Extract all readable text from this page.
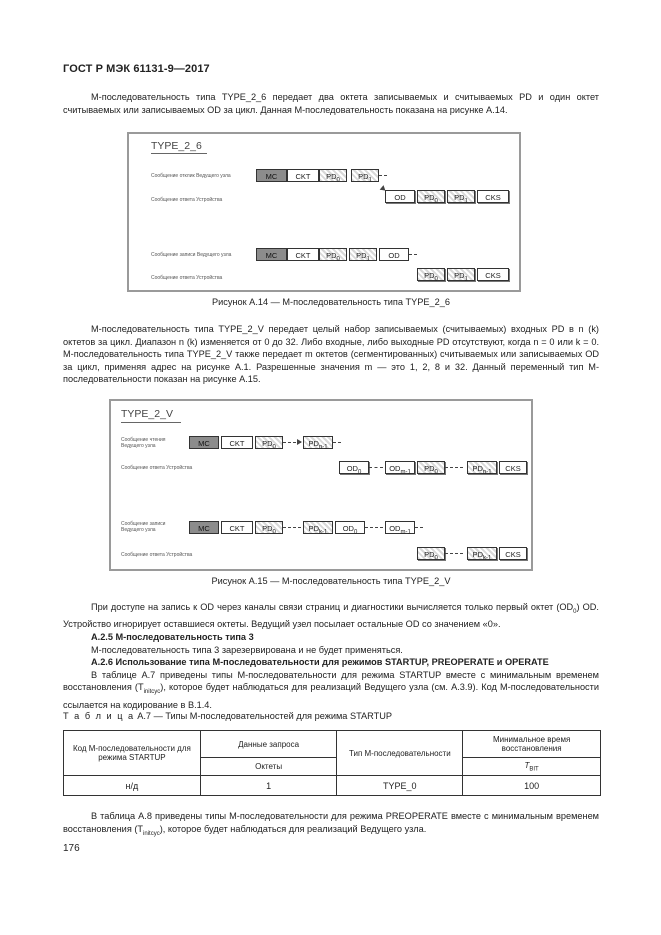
ГОСТ Р МЭК 61131-9—2017
М-последовательность типа TYPE_2_6 передает два октета записываемых и считываемых PD и один октет считываемых или записываемых OD за цикл. Данная М-последовательность показана на рисунке А.14.
TYPE_2_6
Сообщение отклик Ведущего узла
Сообщение ответа Устройства
Сообщение записи Ведущего узла
Сообщение ответа Устройства
MC	CKT	$PD_0$	$PD_1$
OD	$PD_0$	$PD_1$	CKS
MC	CKT	$PD_0$	$PD_1$	OD
$PD_0$	$PD_1$	CKS
Рисунок А.14 — М-последовательность типа TYPE_2_6
М-последовательность типа TYPE_2_V передает целый набор записываемых (считываемых) входных PD в n (k) октетов за цикл. Диапазон n (k) изменяется от 0 до 32. Либо входные, либо выходные PD отсутствуют, когда n = 0 или k = 0. М-последовательность типа TYPE_2_V также передает m октетов (сегментированных) считываемых или записываемых OD за цикл, применяя адрес на рисунке А.1. Разрешенные значения m — это 1, 2, 8 и 32. Данный переменный тип М-последовательности показан на рисунке А.15.
TYPE_2_V
Сообщение чтения Ведущего узла
Сообщение ответа Устройства
Сообщение записи Ведущего узла
Сообщение ответа Устройства
MC	CKT	$PD_0$	$PD_{n-1}$
$OD_0$	$OD_{m-1}$	$PD_0$	$PD_{n-1}$	CKS
MC	CKT	$PD_0$	$PD_{k-1}$	$OD_0$	$OD_{m-1}$
$PD_0$	$PD_{k-1}$	CKS
Рисунок А.15 — М-последовательность типа TYPE_2_V

При доступе на запись к OD через каналы связи страниц и диагностики вычисляется только первый октет $(OD_0)$ OD. Устройство игнорирует оставшиеся октеты. Ведущий узел посылает остальные OD со значением «0».

A.2.5 М-последовательность типа 3

М-последовательность типа 3 зарезервирована и не будет применяться.

A.2.6 Использование типа М-последовательности для режимов STARTUP, PREOPERATE и OPERATE

В таблице А.7 приведены типы М-последовательности для режима STARTUP вместе с минимальным временем восстановления $(T_{initcyc})$, которое будет наблюдаться для реализаций Ведущего узла (см. А.3.9). Код М-последовательности ссылается на кодирование в В.1.4.

Т а б л и ц а А.7 — Типы М-последовательностей для режима STARTUP
Код М-последовательности для режима STARTUP	Данные запроса	Тип М-последовательности	Минимальное время восстановления
	Октеты		$T_{BIT}$
н/д	1	TYPE_0	100
В таблица А.8 приведены типы М-последовательности для режима PREOPERATE вместе с минимальным временем восстановления $(T_{initcyc})$, которое будет наблюдаться для реализаций Ведущего узла.
176
